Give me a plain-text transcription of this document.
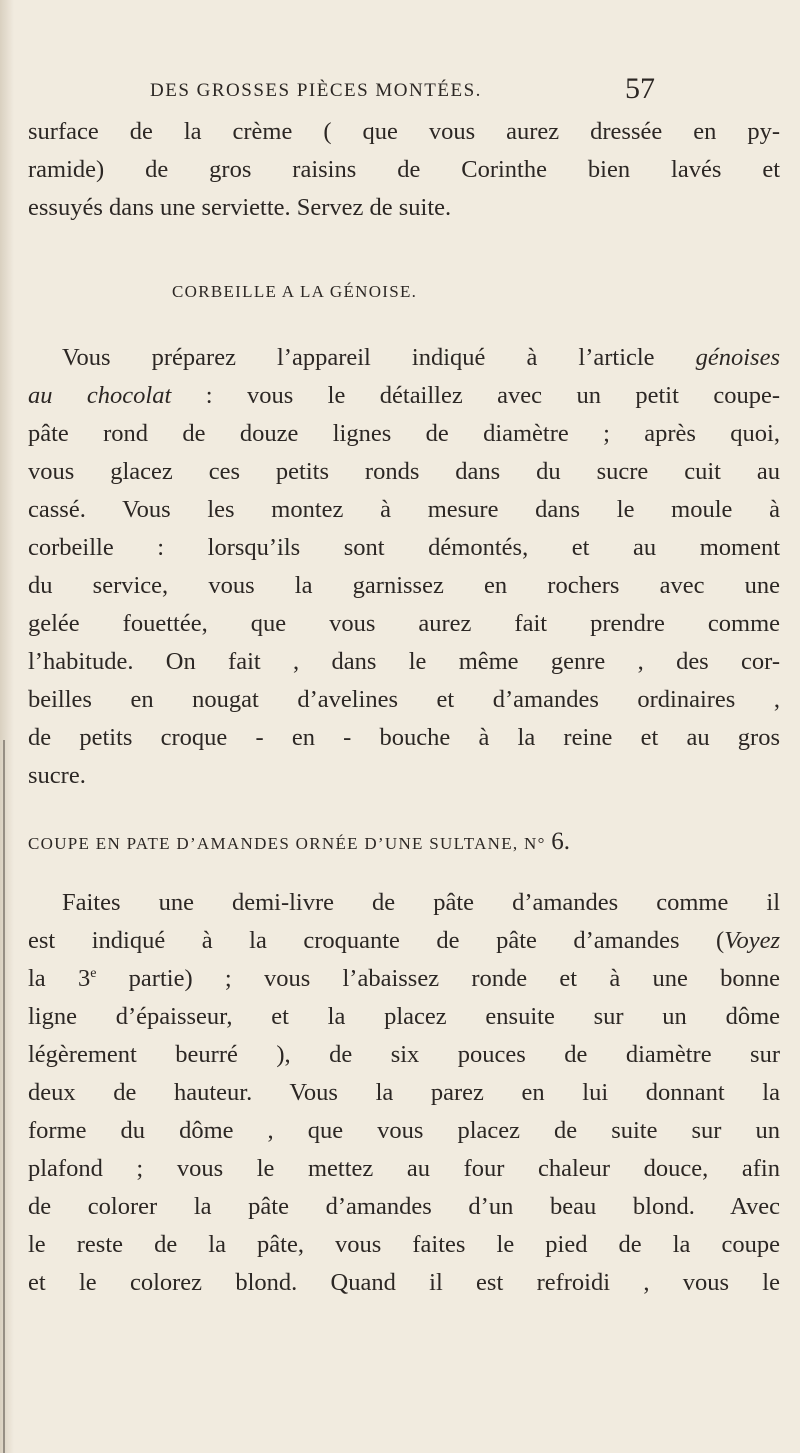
DES GROSSES PIÈCES MONTÉES.	57
surface de la crème ( que vous aurez dressée en py-
ramide) de gros raisins de Corinthe bien lavés et
essuyés dans une serviette. Servez de suite.
CORBEILLE A LA GÉNOISE.
Vous préparez l’appareil indiqué à l’article génoises
au chocolat : vous le détaillez avec un petit coupe-
pâte rond de douze lignes de diamètre ; après quoi,
vous glacez ces petits ronds dans du sucre cuit au
cassé. Vous les montez à mesure dans le moule à
corbeille : lorsqu’ils sont démontés, et au moment
du service, vous la garnissez en rochers avec une
gelée fouettée, que vous aurez fait prendre comme
l’habitude. On fait , dans le même genre , des cor-
beilles en nougat d’avelines et d’amandes ordinaires ,
de petits croque - en - bouche à la reine et au gros
sucre.
COUPE EN PATE D’AMANDES ORNÉE D’UNE SULTANE, N° 6.
Faites une demi-livre de pâte d’amandes comme il
est indiqué à la croquante de pâte d’amandes (Voyez
la 3e partie) ; vous l’abaissez ronde et à une bonne
ligne d’épaisseur, et la placez ensuite sur un dôme
légèrement beurré ), de six pouces de diamètre sur
deux de hauteur. Vous la parez en lui donnant la
forme du dôme , que vous placez de suite sur un
plafond ; vous le mettez au four chaleur douce, afin
de colorer la pâte d’amandes d’un beau blond. Avec
le reste de la pâte, vous faites le pied de la coupe
et le colorez blond. Quand il est refroidi , vous le
